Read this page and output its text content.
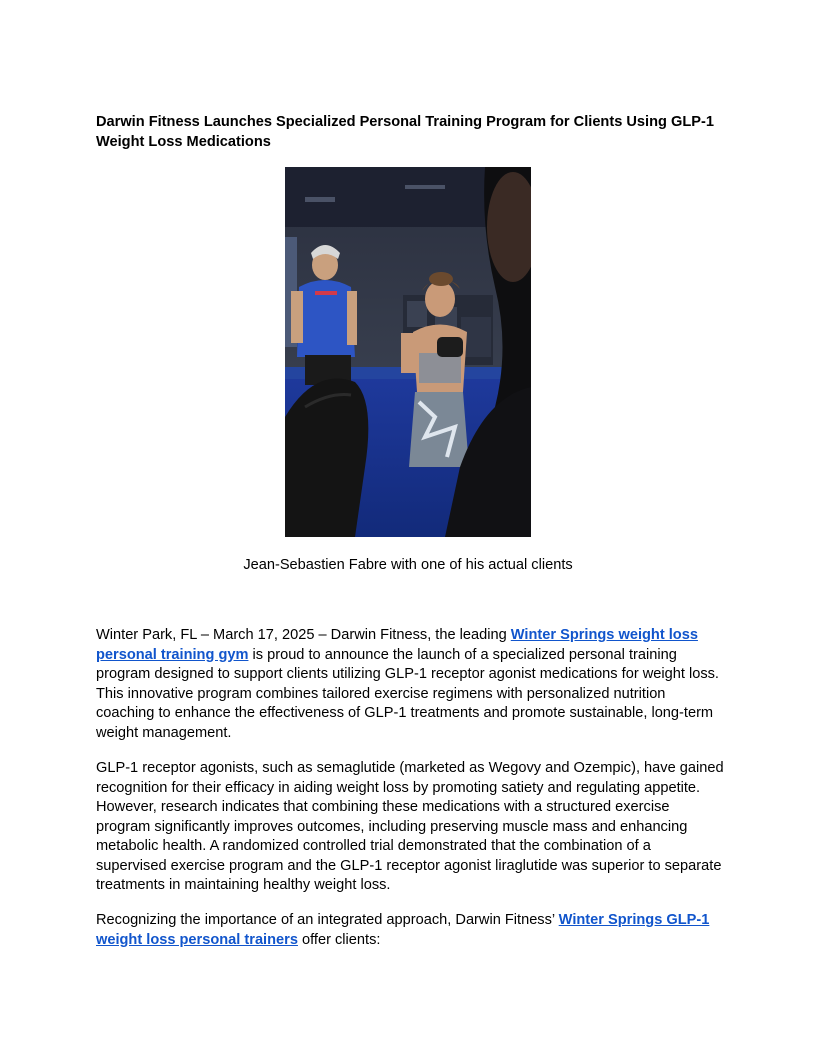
Darwin Fitness Launches Specialized Personal Training Program for Clients Using GLP-1 Weight Loss Medications

Jean-Sebastien Fabre with one of his actual clients

Winter Park, FL – March 17, 2025 – Darwin Fitness, the leading Winter Springs weight loss personal training gym is proud to announce the launch of a specialized personal training program designed to support clients utilizing GLP-1 receptor agonist medications for weight loss. This innovative program combines tailored exercise regimens with personalized nutrition coaching to enhance the effectiveness of GLP-1 treatments and promote sustainable, long-term weight management.

GLP-1 receptor agonists, such as semaglutide (marketed as Wegovy and Ozempic), have gained recognition for their efficacy in aiding weight loss by promoting satiety and regulating appetite. However, research indicates that combining these medications with a structured exercise program significantly improves outcomes, including preserving muscle mass and enhancing metabolic health. A randomized controlled trial demonstrated that the combination of a supervised exercise program and the GLP-1 receptor agonist liraglutide was superior to separate treatments in maintaining healthy weight loss.

Recognizing the importance of an integrated approach, Darwin Fitness’ Winter Springs GLP-1 weight loss personal trainers offer clients:
